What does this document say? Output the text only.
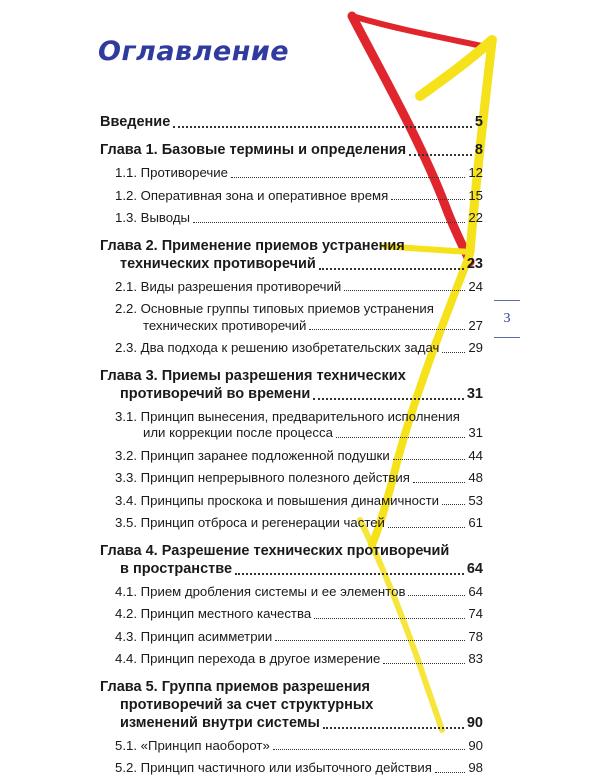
Оглавление
Введение	5
Глава 1. Базовые термины и определения	8
1.1. Противоречие	12
1.2. Оперативная зона и оперативное время	15
1.3. Выводы	22
Глава 2. Применение приемов устранения
технических противоречий	23
2.1. Виды разрешения противоречий	24
2.2. Основные группы типовых приемов устранения
технических противоречий	27
2.3. Два подхода к решению изобретательских задач 29
Глава 3. Приемы разрешения технических
противоречий во времени	31
3.1. Принцип вынесения, предварительного исполнения
или коррекции после процесса	31
3.2. Принцип заранее подложенной подушки	44
3.3. Принцип непрерывного полезного действия	48
3.4. Принципы проскока и повышения динамичности 53
3.5. Принцип отброса и регенерации частей	61
Глава 4. Разрешение технических противоречий
в пространстве	64
4.1. Прием дробления системы и ее элементов	64
4.2. Принцип местного качества	74
4.3. Принцип асимметрии	78
4.4. Принцип перехода в другое измерение	83
Глава 5. Группа приемов разрешения
противоречий за счет структурных
изменений внутри системы	90
5.1. «Принцип наоборот»	90
5.2. Принцип частичного или избыточного действия	98
3
